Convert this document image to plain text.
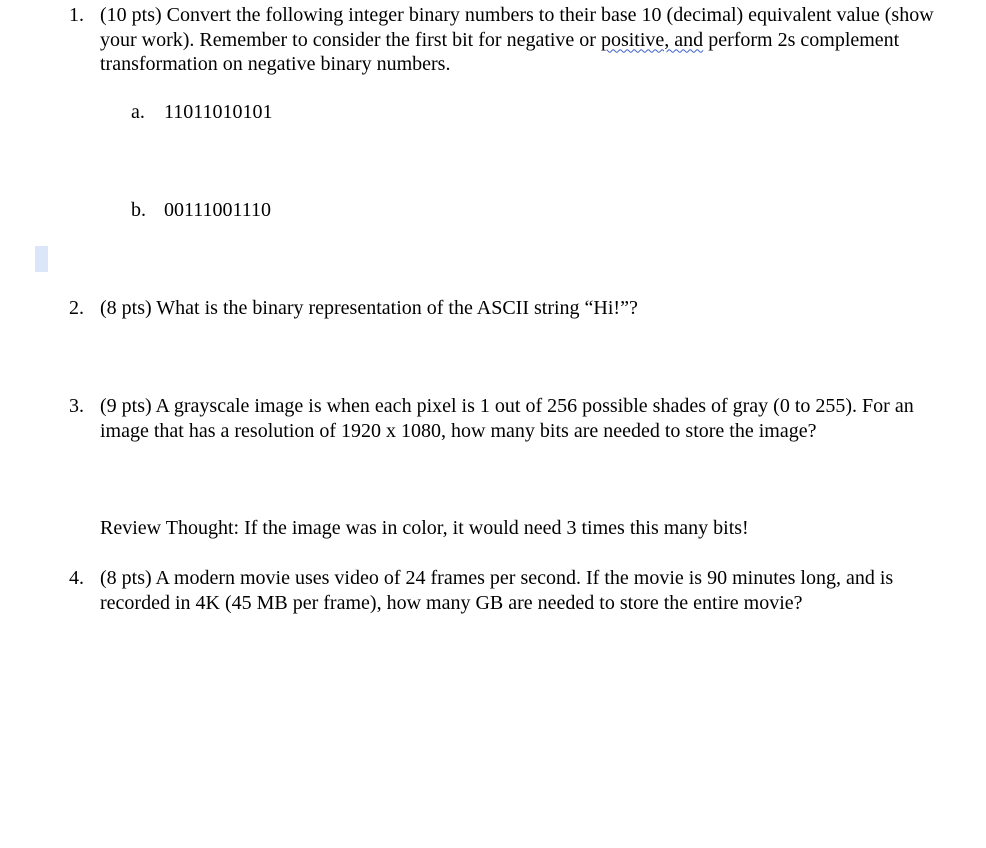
1. (10 pts) Convert the following integer binary numbers to their base 10 (decimal) equivalent value (show your work). Remember to consider the first bit for negative or positive, and perform 2s complement transformation on negative binary numbers.
a. 11011010101
b. 00111001110
2. (8 pts) What is the binary representation of the ASCII string “Hi!”?
3. (9 pts) A grayscale image is when each pixel is 1 out of 256 possible shades of gray (0 to 255). For an image that has a resolution of 1920 x 1080, how many bits are needed to store the image?
Review Thought: If the image was in color, it would need 3 times this many bits!
4. (8 pts) A modern movie uses video of 24 frames per second. If the movie is 90 minutes long, and is recorded in 4K (45 MB per frame), how many GB are needed to store the entire movie?
